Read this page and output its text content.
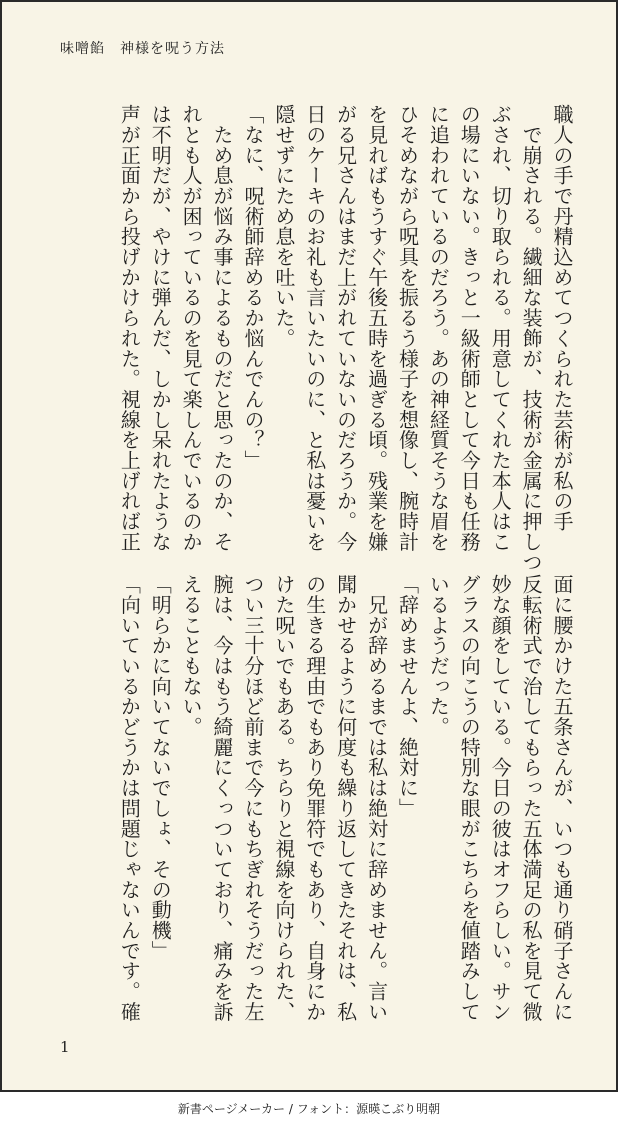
味噌餡　神様を呪う方法
職人の手で丹精込めてつくられた芸術が私の手
　で崩される。繊細な装飾が、技術が金属に押しつ
ぶされ、切り取られる。用意してくれた本人はこ
の場にいない。きっと一級術師として今日も任務
に追われているのだろう。あの神経質そうな眉を
ひそめながら呪具を振るう様子を想像し、腕時計
を見ればもうすぐ午後五時を過ぎる頃。残業を嫌
がる兄さんはまだ上がれていないのだろうか。今
日のケーキのお礼も言いたいのに、と私は憂いを
隠せずにため息を吐いた。
「なに、呪術師辞めるか悩んでんの？」
　ため息が悩み事によるものだと思ったのか、そ
れとも人が困っているのを見て楽しんでいるのか
は不明だが、やけに弾んだ、しかし呆れたような
声が正面から投げかけられた。視線を上げれば正
面に腰かけた五条さんが、いつも通り硝子さんに
反転術式で治してもらった五体満足の私を見て微
妙な顔をしている。今日の彼はオフらしい。サン
グラスの向こうの特別な眼がこちらを値踏みして
いるようだった。
「辞めませんよ、絶対に」
　兄が辞めるまでは私は絶対に辞めません。言い
聞かせるように何度も繰り返してきたそれは、私
の生きる理由でもあり免罪符でもあり、自身にか
けた呪いでもある。ちらりと視線を向けられた、
つい三十分ほど前まで今にもちぎれそうだった左
腕は、今はもう綺麗にくっついており、痛みを訴
えることもない。
「明らかに向いてないでしょ、その動機」
「向いているかどうかは問題じゃないんです。確
1
新書ページメーカー / フォント：源暎こぶり明朝
